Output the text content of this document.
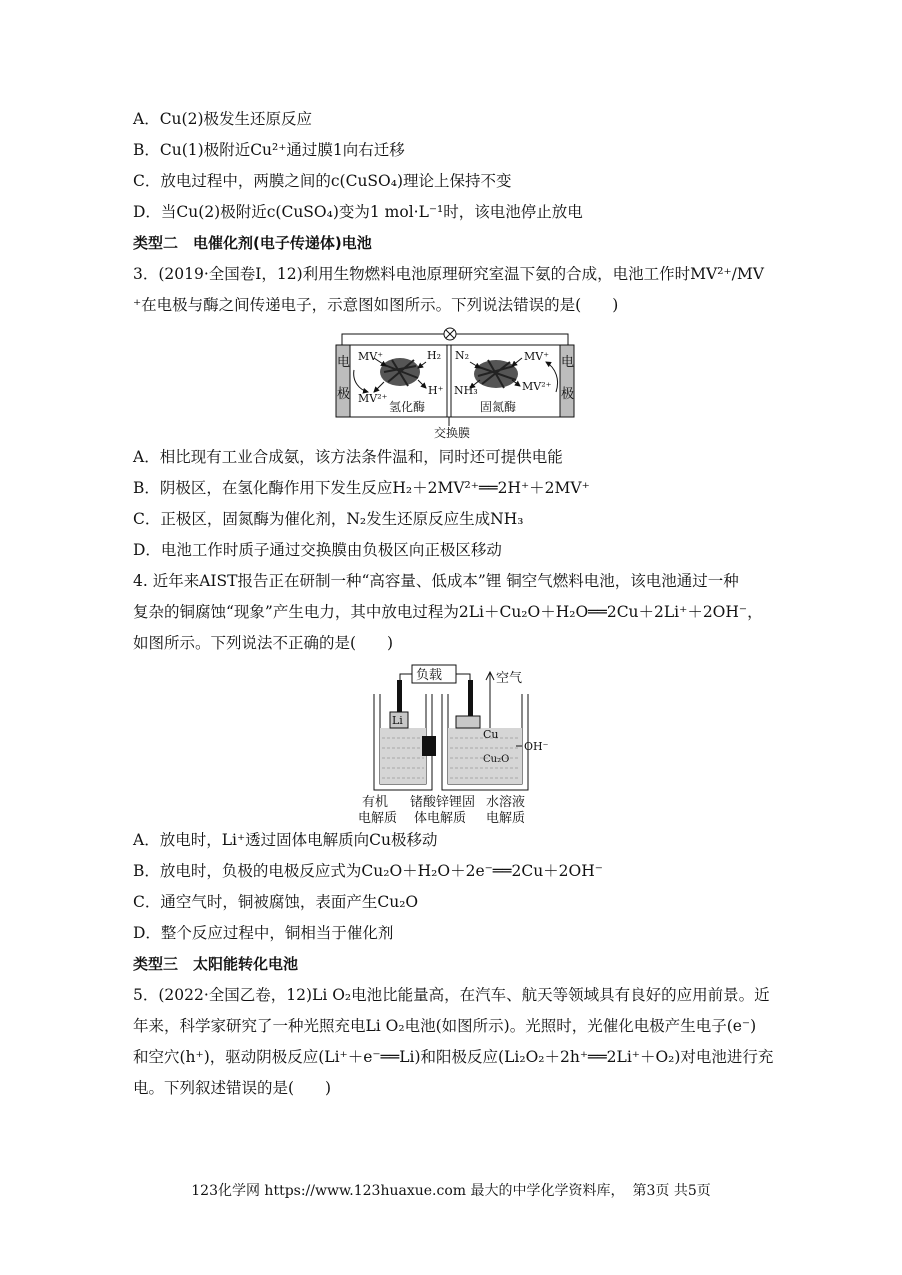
A．Cu(2)极发生还原反应
B．Cu(1)极附近Cu²⁺通过膜1向右迁移
C．放电过程中，两膜之间的c(CuSO₄)理论上保持不变
D．当Cu(2)极附近c(CuSO₄)变为1 mol·L⁻¹时，该电池停止放电
类型二　电催化剂(电子传递体)电池
3．(2019·全国卷Ⅰ，12)利用生物燃料电池原理研究室温下氨的合成，电池工作时MV²⁺/MV
⁺在电极与酶之间传递电子，示意图如图所示。下列说法错误的是(　　)
电
极
电
极
MV⁺
MV²⁺
H₂
H⁺
氢化酶
N₂
NH₃
MV⁺
MV²⁺
固氮酶
交换膜
A．相比现有工业合成氨，该方法条件温和，同时还可提供电能
B．阴极区，在氢化酶作用下发生反应H₂＋2MV²⁺══2H⁺＋2MV⁺
C．正极区，固氮酶为催化剂，N₂发生还原反应生成NH₃
D．电池工作时质子通过交换膜由负极区向正极区移动
4. 近年来AIST报告正在研制一种“高容量、低成本”锂 铜空气燃料电池，该电池通过一种
复杂的铜腐蚀“现象”产生电力，其中放电过程为2Li＋Cu₂O＋H₂O══2Cu＋2Li⁺＋2OH⁻，
如图所示。下列说法不正确的是(　　)
负载	空气
Li
Cu
Cu₂O
OH⁻
有机
电解质
锗酸锌锂固
体电解质
水溶液
电解质
A．放电时，Li⁺透过固体电解质向Cu极移动
B．放电时，负极的电极反应式为Cu₂O＋H₂O＋2e⁻══2Cu＋2OH⁻
C．通空气时，铜被腐蚀，表面产生Cu₂O
D．整个反应过程中，铜相当于催化剂
类型三　太阳能转化电池
5．(2022·全国乙卷，12)Li O₂电池比能量高，在汽车、航天等领域具有良好的应用前景。近
年来，科学家研究了一种光照充电Li O₂电池(如图所示)。光照时，光催化电极产生电子(e⁻)
和空穴(h⁺)，驱动阴极反应(Li⁺＋e⁻══Li)和阳极反应(Li₂O₂＋2h⁺══2Li⁺＋O₂)对电池进行充
电。下列叙述错误的是(　　)
123化学网 https://www.123huaxue.com 最大的中学化学资料库， 第3页 共5页
